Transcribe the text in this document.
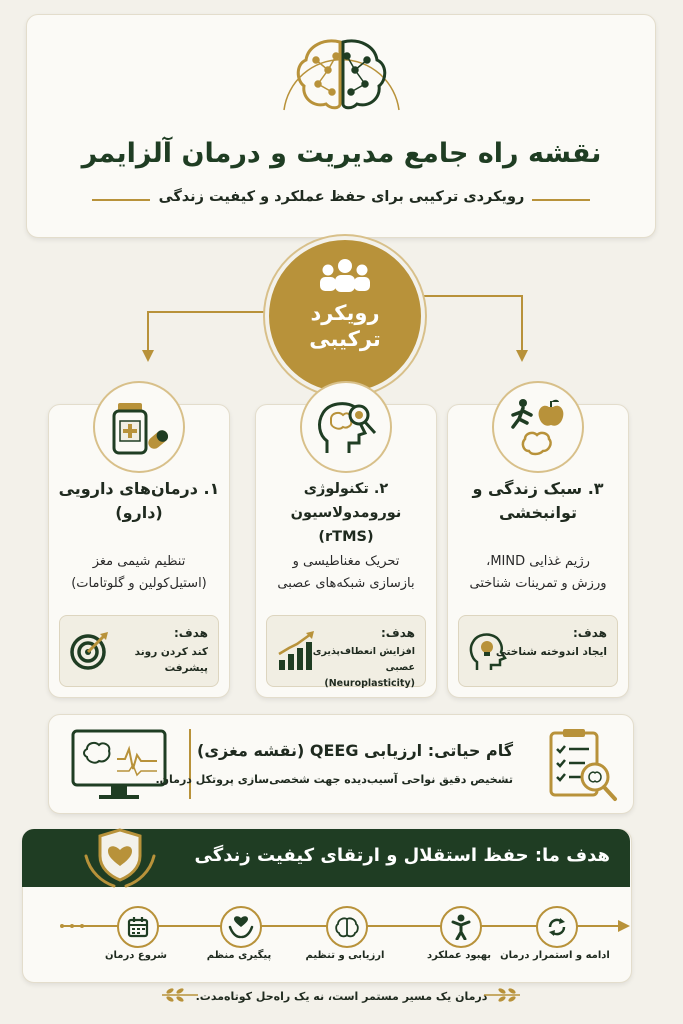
نقشه راه جامع مدیریت و درمان آلزایمر
رویکردی ترکیبی برای حفظ عملکرد و کیفیت زندگی
رویکرد
ترکیبی
۱. درمان‌های دارویی (دارو)
تنظیم شیمی مغز
(استیل‌کولین و گلوتامات)
هدف:
کند کردن روند پیشرفت
۲. تکنولوژی نورومدولاسیون (rTMS)
تحریک مغناطیسی و
بازسازی شبکه‌های عصبی
هدف:
افزایش انعطاف‌پذیری عصبی (Neuroplasticity)
۳. سبک زندگی و توانبخشی
رژیم غذایی MIND،
ورزش و تمرینات شناختی
هدف:
ایجاد اندوخته شناختی
گام حیاتی: ارزیابی QEEG (نقشه مغزی)
تشخیص دقیق نواحی آسیب‌دیده جهت شخصی‌سازی پروتکل درمان.
هدف ما: حفظ استقلال و ارتقای کیفیت زندگی
ادامه و استمرار درمان
بهبود عملکرد
ارزیابی و تنظیم
پیگیری منظم
شروع درمان
درمان یک مسیر مستمر است، نه یک راه‌حل کوتاه‌مدت.
